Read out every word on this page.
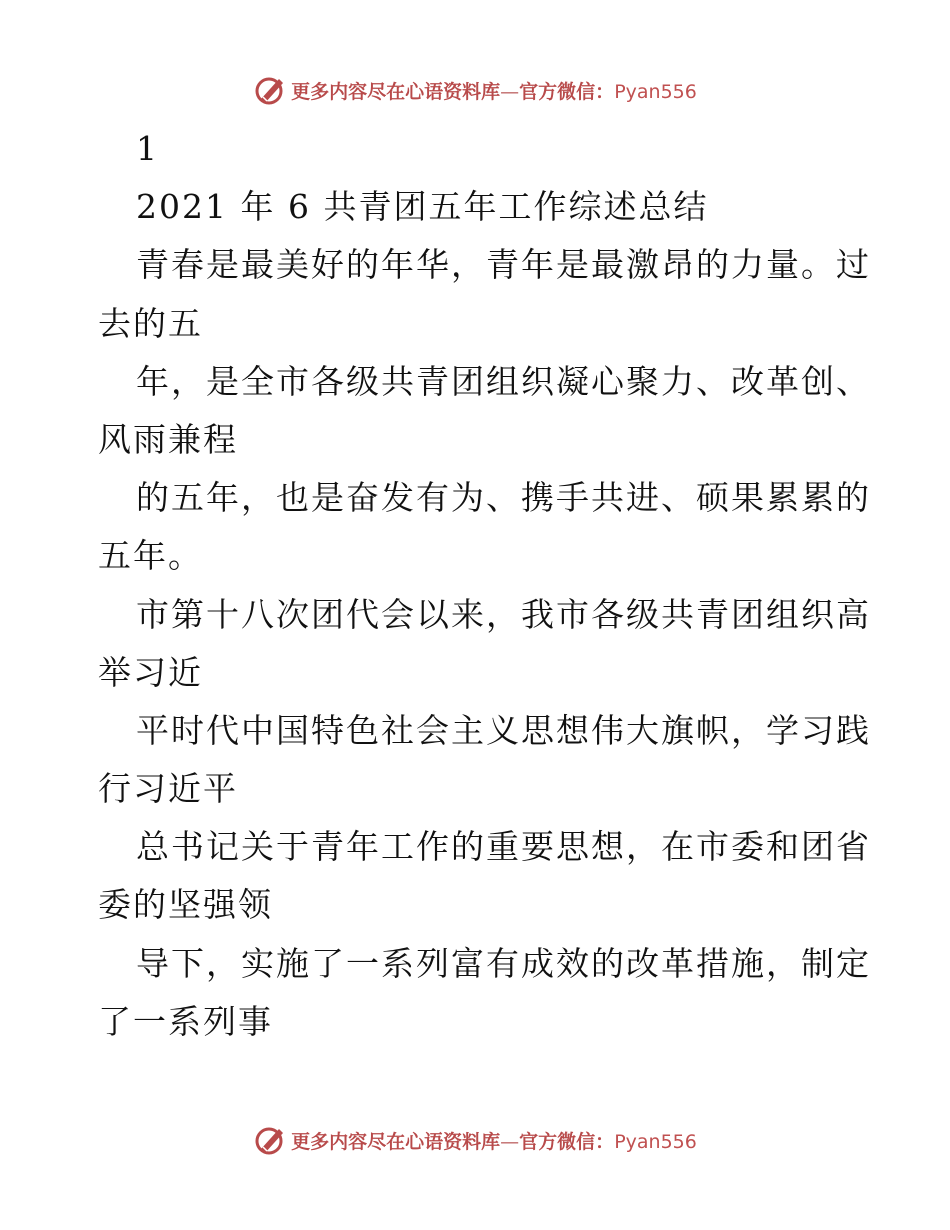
更多内容尽在心语资料库—官方微信：Pyan556
1
2021 年 6 共青团五年工作综述总结
青春是最美好的年华，青年是最激昂的力量。过
去的五
年，是全市各级共青团组织凝心聚力、改革创、
风雨兼程
的五年，也是奋发有为、携手共进、硕果累累的
五年。
市第十八次团代会以来，我市各级共青团组织高
举习近
平时代中国特色社会主义思想伟大旗帜，学习践
行习近平
总书记关于青年工作的重要思想，在市委和团省
委的坚强领
导下，实施了一系列富有成效的改革措施，制定
了一系列事
更多内容尽在心语资料库—官方微信：Pyan556
